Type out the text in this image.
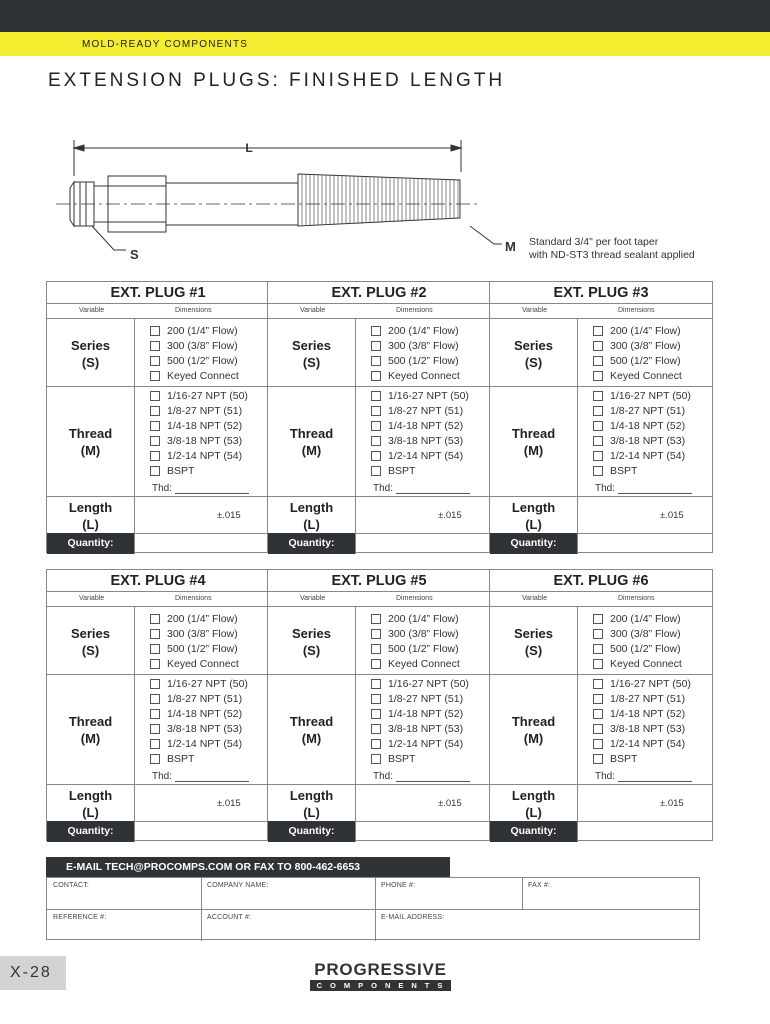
MOLD-READY COMPONENTS
EXTENSION PLUGS: FINISHED LENGTH
L
S
M Standard 3/4" per foot taper
with ND-ST3 thread sealant applied
EXT. PLUG #1
Variable	Dimensions
Series
(S)
200 (1/4” Flow)
300 (3/8” Flow)
500 (1/2” Flow)
Keyed Connect
Thread
(M)
1/16-27 NPT (50)
1/8-27 NPT (51)
1/4-18 NPT (52)
3/8-18 NPT (53)
1/2-14 NPT (54)
BSPT
Thd:
Length
(L)
±.015
Quantity:
EXT. PLUG #2
Variable	Dimensions
Series
(S)
200 (1/4” Flow)
300 (3/8” Flow)
500 (1/2” Flow)
Keyed Connect
Thread
(M)
1/16-27 NPT (50)
1/8-27 NPT (51)
1/4-18 NPT (52)
3/8-18 NPT (53)
1/2-14 NPT (54)
BSPT
Thd:
Length
(L)
±.015
Quantity:
EXT. PLUG #3
Variable	Dimensions
Series
(S)
200 (1/4” Flow)
300 (3/8” Flow)
500 (1/2” Flow)
Keyed Connect
Thread
(M)
1/16-27 NPT (50)
1/8-27 NPT (51)
1/4-18 NPT (52)
3/8-18 NPT (53)
1/2-14 NPT (54)
BSPT
Thd:
Length
(L)
±.015
Quantity:
EXT. PLUG #4
Variable	Dimensions
Series
(S)
200 (1/4” Flow)
300 (3/8” Flow)
500 (1/2” Flow)
Keyed Connect
Thread
(M)
1/16-27 NPT (50)
1/8-27 NPT (51)
1/4-18 NPT (52)
3/8-18 NPT (53)
1/2-14 NPT (54)
BSPT
Thd:
Length
(L)
±.015
Quantity:
EXT. PLUG #5
Variable	Dimensions
Series
(S)
200 (1/4” Flow)
300 (3/8” Flow)
500 (1/2” Flow)
Keyed Connect
Thread
(M)
1/16-27 NPT (50)
1/8-27 NPT (51)
1/4-18 NPT (52)
3/8-18 NPT (53)
1/2-14 NPT (54)
BSPT
Thd:
Length
(L)
±.015
Quantity:
EXT. PLUG #6
Variable	Dimensions
Series
(S)
200 (1/4” Flow)
300 (3/8” Flow)
500 (1/2” Flow)
Keyed Connect
Thread
(M)
1/16-27 NPT (50)
1/8-27 NPT (51)
1/4-18 NPT (52)
3/8-18 NPT (53)
1/2-14 NPT (54)
BSPT
Thd:
Length
(L)
±.015
Quantity:
E-MAIL TECH@PROCOMPS.COM OR FAX TO 800-462-6653
CONTACT:	COMPANY NAME:	PHONE #:	FAX #:
REFERENCE #:	ACCOUNT #:	E-MAIL ADDRESS:
X-28	PROGRESSIVE
COMPONENTS
